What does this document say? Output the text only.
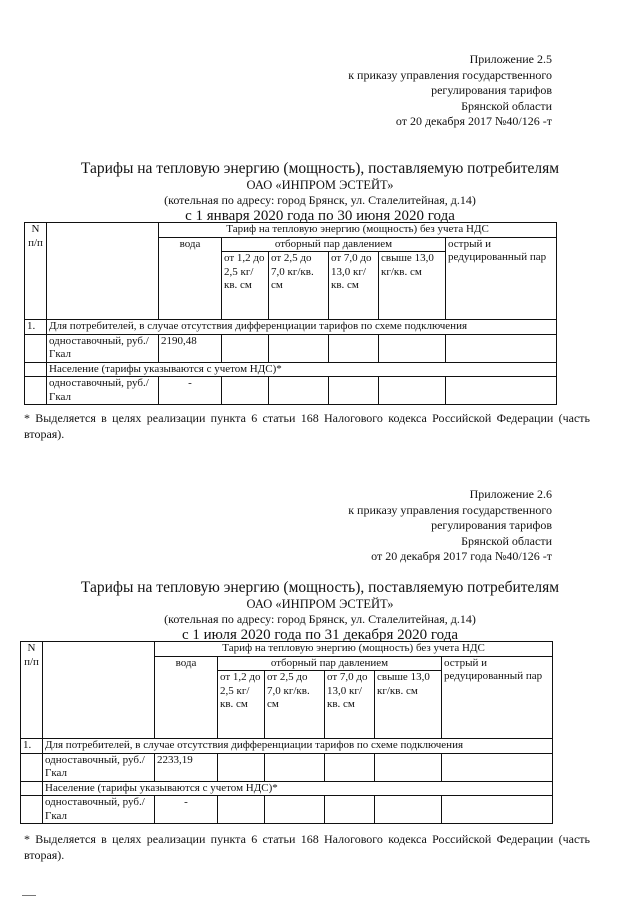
Приложение 2.5
к приказу управления государственного
регулирования тарифов
Брянской области
от 20 декабря 2017 №40/126 -т
Тарифы на тепловую энергию (мощность), поставляемую потребителям
ОАО «ИНПРОМ ЭСТЕЙТ»
(котельная по адресу: город Брянск, ул. Сталелитейная, д.14)
с 1 января 2020 года по 30 июня 2020 года
N п/п		Тариф на тепловую энергию (мощность) без учета НДС					
		вода	отборный пар давлением				острый и редуцированный пар
			от 1,2 до 2,5 кг/кв. см	от 2,5 до 7,0 кг/кв. см	от 7,0 до 13,0 кг/кв. см	свыше 13,0 кг/кв. см	
1.	Для потребителей, в случае отсутствия дифференциации тарифов по схеме подключения						
	одноставочный, руб./Гкал	2190,48					
	Население (тарифы указываются с учетом НДС)*						
	одноставочный, руб./Гкал	-					
* Выделяется в целях реализации пункта 6 статьи 168 Налогового кодекса Российской Федерации (часть вторая).
Приложение 2.6
к приказу управления государственного
регулирования тарифов
Брянской области
от 20 декабря 2017 года №40/126 -т
Тарифы на тепловую энергию (мощность), поставляемую потребителям
ОАО «ИНПРОМ ЭСТЕЙТ»
(котельная по адресу: город Брянск, ул. Сталелитейная, д.14)
с 1 июля 2020 года по 31 декабря 2020 года
N п/п		Тариф на тепловую энергию (мощность) без учета НДС					
		вода	отборный пар давлением				острый и редуцированный пар
			от 1,2 до 2,5 кг/кв. см	от 2,5 до 7,0 кг/кв. см	от 7,0 до 13,0 кг/кв. см	свыше 13,0 кг/кв. см	
1.	Для потребителей, в случае отсутствия дифференциации тарифов по схеме подключения						
	одноставочный, руб./Гкал	2233,19					
	Население (тарифы указываются с учетом НДС)*						
	одноставочный, руб./Гкал	-					
* Выделяется в целях реализации пункта 6 статьи 168 Налогового кодекса Российской Федерации (часть вторая).
